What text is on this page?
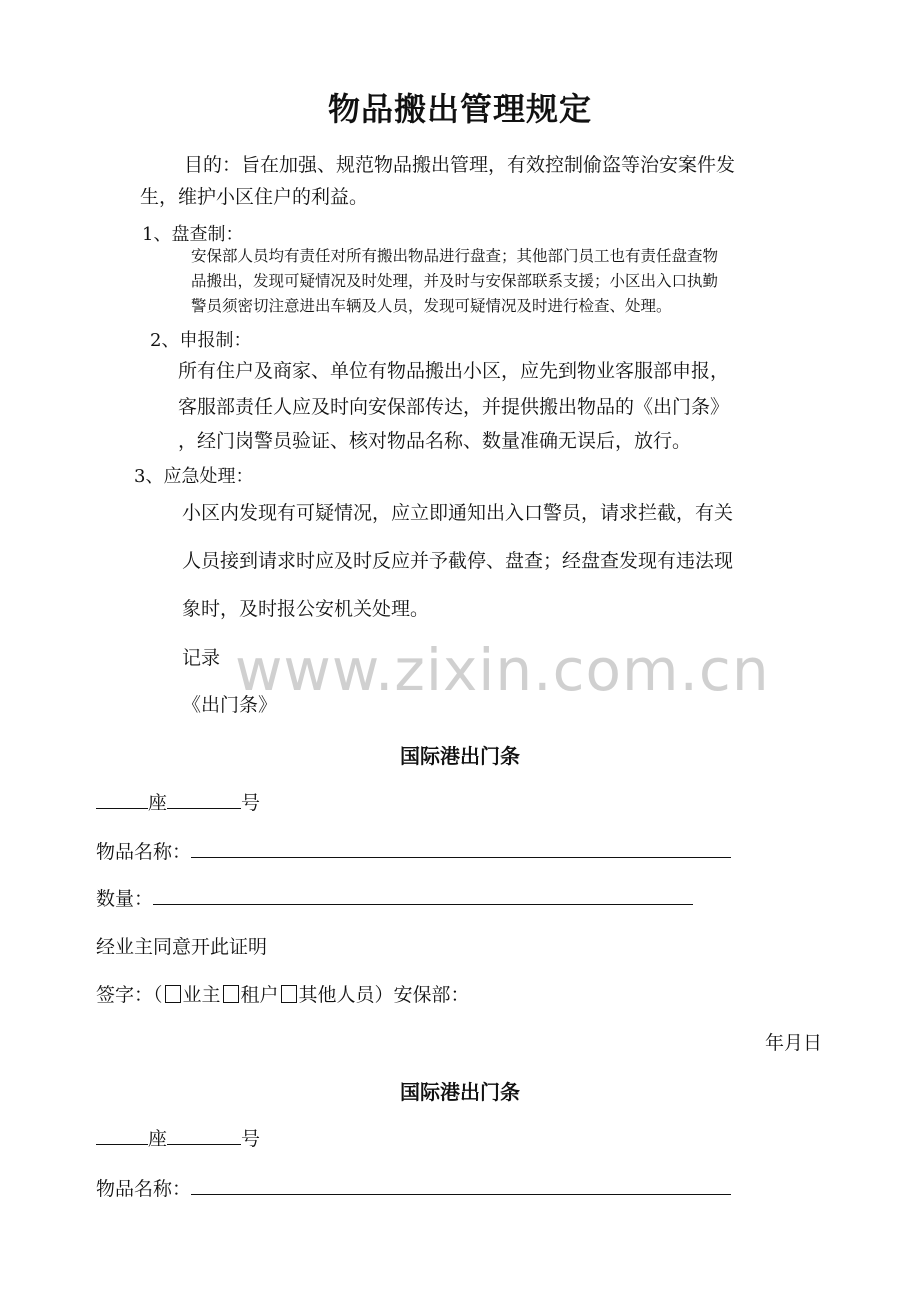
物品搬出管理规定
目的：旨在加强、规范物品搬出管理，有效控制偷盗等治安案件发
生，维护小区住户的利益。
1、盘查制：
安保部人员均有责任对所有搬出物品进行盘查；其他部门员工也有责任盘查物
品搬出，发现可疑情况及时处理，并及时与安保部联系支援；小区出入口执勤
警员须密切注意进出车辆及人员，发现可疑情况及时进行检查、处理。
2、申报制：
所有住户及商家、单位有物品搬出小区，应先到物业客服部申报，
客服部责任人应及时向安保部传达，并提供搬出物品的《出门条》
，经门岗警员验证、核对物品名称、数量准确无误后，放行。
3、应急处理：
小区内发现有可疑情况，应立即通知出入口警员，请求拦截，有关
人员接到请求时应及时反应并予截停、盘查；经盘查发现有违法现
象时，及时报公安机关处理。
记录
《出门条》
www.zixin.com.cn
国际港出门条
座	号
物品名称：
数量：
经业主同意开此证明
签字：（ 业主 租户 其他人员）安保部：
年月日
国际港出门条
座	号
物品名称：
